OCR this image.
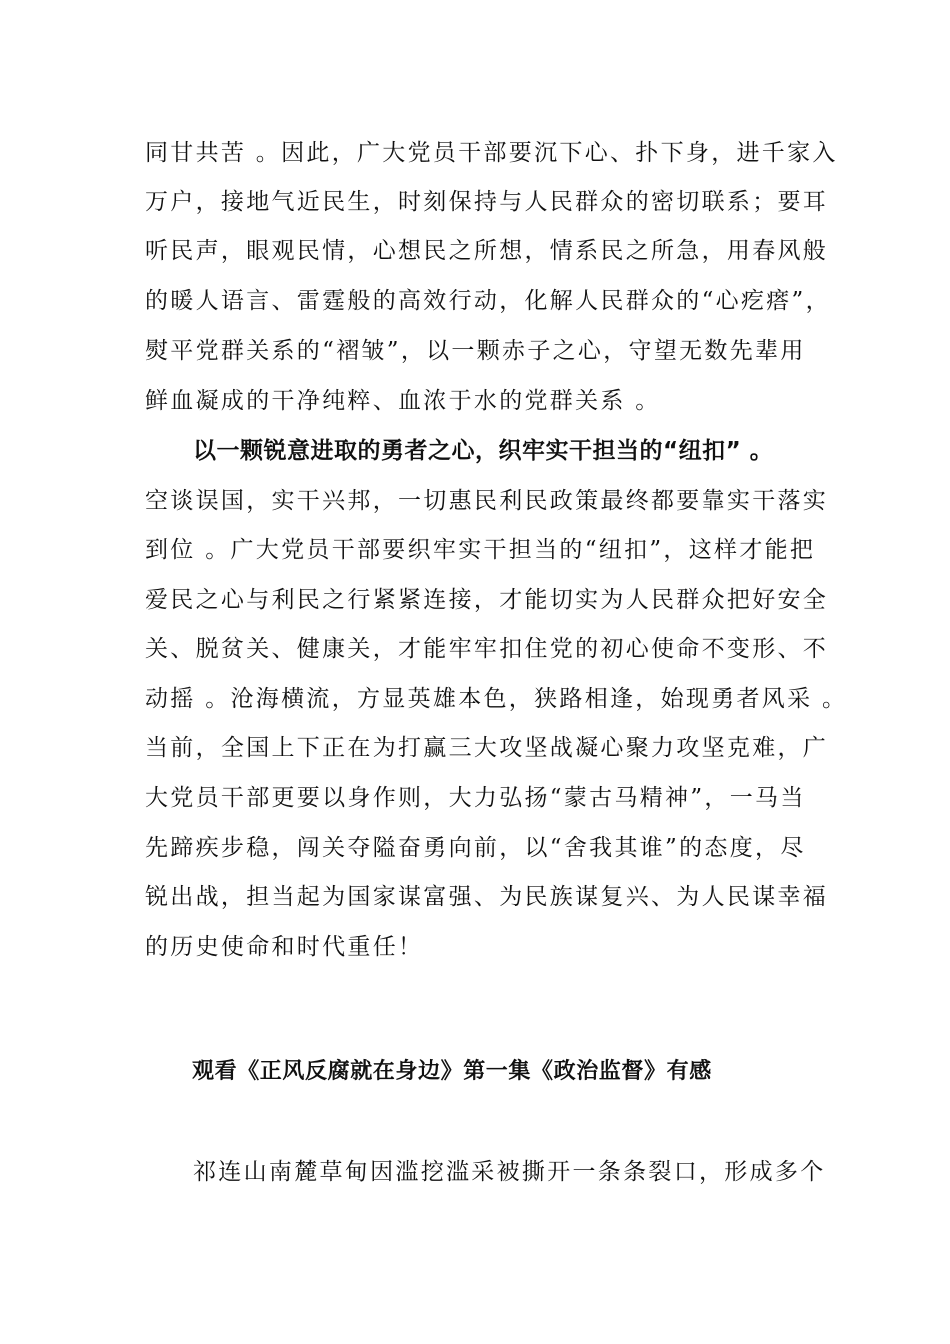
同甘共苦 。因此，广大党员干部要沉下心、扑下身，进千家入
万户，接地气近民生，时刻保持与人民群众的密切联系；要耳
听民声，眼观民情，心想民之所想，情系民之所急，用春风般
的暖人语言、雷霆般的高效行动，化解人民群众的“心疙瘩”，
熨平党群关系的“褶皱”，以一颗赤子之心，守望无数先辈用
鲜血凝成的干净纯粹、血浓于水的党群关系 。
以一颗锐意进取的勇者之心，织牢实干担当的“纽扣” 。
空谈误国，实干兴邦，一切惠民利民政策最终都要靠实干落实
到位 。广大党员干部要织牢实干担当的“纽扣”，这样才能把
爱民之心与利民之行紧紧连接，才能切实为人民群众把好安全
关、脱贫关、健康关，才能牢牢扣住党的初心使命不变形、不
动摇 。沧海横流，方显英雄本色，狭路相逢，始现勇者风采 。
当前，全国上下正在为打赢三大攻坚战凝心聚力攻坚克难，广
大党员干部更要以身作则，大力弘扬“蒙古马精神”，一马当
先蹄疾步稳，闯关夺隘奋勇向前，以“舍我其谁”的态度，尽
锐出战，担当起为国家谋富强、为民族谋复兴、为人民谋幸福
的历史使命和时代重任！
观看《正风反腐就在身边》第一集《政治监督》有感
祁连山南麓草甸因滥挖滥采被撕开一条条裂口，形成多个
